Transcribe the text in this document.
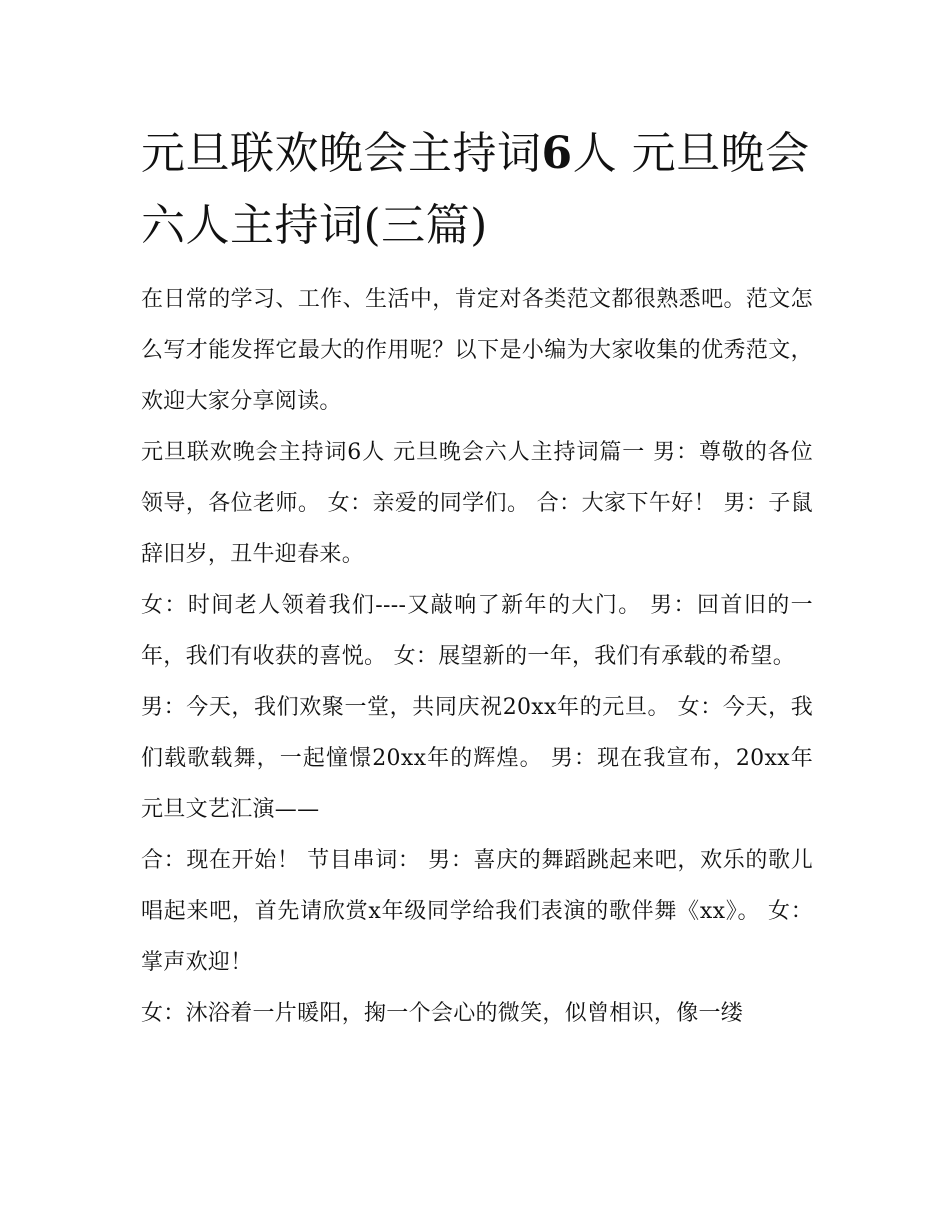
元旦联欢晚会主持词6人 元旦晚会六人主持词(三篇)

在日常的学习、工作、生活中，肯定对各类范文都很熟悉吧。范文怎么写才能发挥它最大的作用呢？以下是小编为大家收集的优秀范文，欢迎大家分享阅读。

元旦联欢晚会主持词6人 元旦晚会六人主持词篇一 男：尊敬的各位领导，各位老师。 女：亲爱的同学们。 合：大家下午好！ 男：子鼠辞旧岁，丑牛迎春来。

女：时间老人领着我们----又敲响了新年的大门。 男：回首旧的一年，我们有收获的喜悦。 女：展望新的一年，我们有承载的希望。

男：今天，我们欢聚一堂，共同庆祝20xx年的元旦。 女：今天，我们载歌载舞，一起憧憬20xx年的辉煌。 男：现在我宣布，20xx年元旦文艺汇演——

合：现在开始！ 节目串词： 男：喜庆的舞蹈跳起来吧，欢乐的歌儿唱起来吧，首先请欣赏x年级同学给我们表演的歌伴舞《xx》。 女：掌声欢迎！

女：沐浴着一片暖阳，掬一个会心的微笑，似曾相识，像一缕
